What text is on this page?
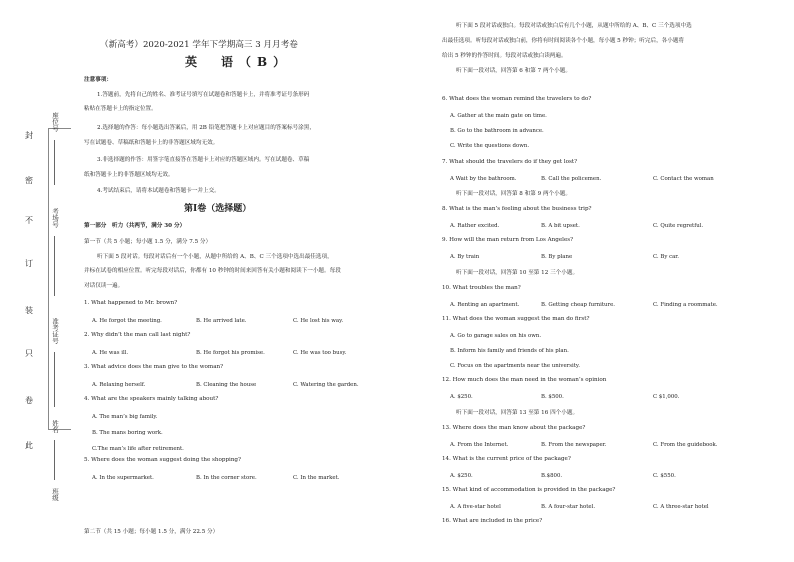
封
密
不
订
装
只
卷
此
座位号
考场号
准考证号
姓名
班级
（新高考）2020-2021 学年下学期高三 3 月月考卷
英　语（B）
注意事项：
1.答题前，先将自己的姓名、准考证号填写在试题卷和答题卡上，并将准考证号条形码
粘贴在答题卡上的指定位置。
2.选择题的作答：每小题选出答案后，用 2B 铅笔把答题卡上对应题目的答案标号涂黑，
写在试题卷、草稿纸和答题卡上的非答题区域均无效。
3.非选择题的作答：用签字笔直接答在答题卡上对应的答题区域内。写在试题卷、草稿
纸和答题卡上的非答题区域均无效。
4.考试结束后，请将本试题卷和答题卡一并上交。
第Ⅰ卷（选择题）
第一部分　听力（共两节，满分 30 分）
第一节（共 5 小题；每小题 1.5 分，满分 7.5 分）
听下面 5 段对话。每段对话后有一个小题，从题中所给的 A、B、C 三个选项中选出最佳选项，
并标在试卷的相应位置。听完每段对话后，你都有 10 秒钟的时间来回答有关小题和阅读下一小题。每段
对话仅读一遍。
第二节（共 15 小题；每小题 1.5 分，满分 22.5 分）
听下面 5 段对话或独白。每段对话或独白后有几个小题，从题中所给的 A、B、C 三个选项中选
出最佳选项。听每段对话或独白前，你将有时间阅读各个小题，每小题 5 秒钟；听完后，各小题将
给出 5 秒钟的作答时间。每段对话或独白读两遍。
听下面一段对话，回答第 6 和第 7 两个小题。
1. What happened to Mr. brown?
A. He forgot the meeting.	B. He arrived late.	C. He lost his way.
2. Why didn’t the man call last night?
A. He was ill.	B. He forgot his promise.	C. He was too busy.
3. What advice does the man give to the woman?
A. Relaxing herself.	B. Cleaning the house	C. Watering the garden.
4. What are the speakers mainly talking about?
A. The man’s big family.
B. The mans boring work.
C.The man’s life after retirement.
5. Where does the woman suggest doing the shopping?
A. In the supermarket.	B. In the corner store.	C. In the market.
6. What does the woman remind the travelers to do?
A. Gather at the main gate on time.
B. Go to the bathroom in advance.
C. Write the questions down.
7. What should the travelers do if they get lost?
A Wait by the bathroom.	B. Call the policemen.	C. Contact the woman
听下面一段对话，回答第 8 和第 9 两个小题。
8. What is the man’s feeling about the business trip?
A. Rather excited.	B. A bit upset.	C. Quite regretful.
9. How will the man return from Los Angeles?
A. By train	B. By plane	C. By car.
听下面一段对话，回答第 10 至第 12 三个小题。
10. What troubles the man?
A. Renting an apartment.	B. Getting cheap furniture.	C. Finding a roommate.
11. What does the woman suggest the man do first?
A. Go to garage sales on his own.
B. Inform his family and friends of his plan.
C. Focus on the apartments near the university.
12. How much does the man need in the woman’s opinion
A. $250.	B. $500.	C $1,000.
听下面一段对话，回答第 13 至第 16 四个小题。
13. Where does the man know about the package?
A. From the Internet.	B. From the newspaper.	C. From the guidebook.
14. What is the current price of the package?
A. $250.	B.$800.	C. $550.
15. What kind of accommodation is provided in the package?
A. A five-star hotel	B. A four-star hotel.	C. A three-star hotel
16. What are included in the price?
